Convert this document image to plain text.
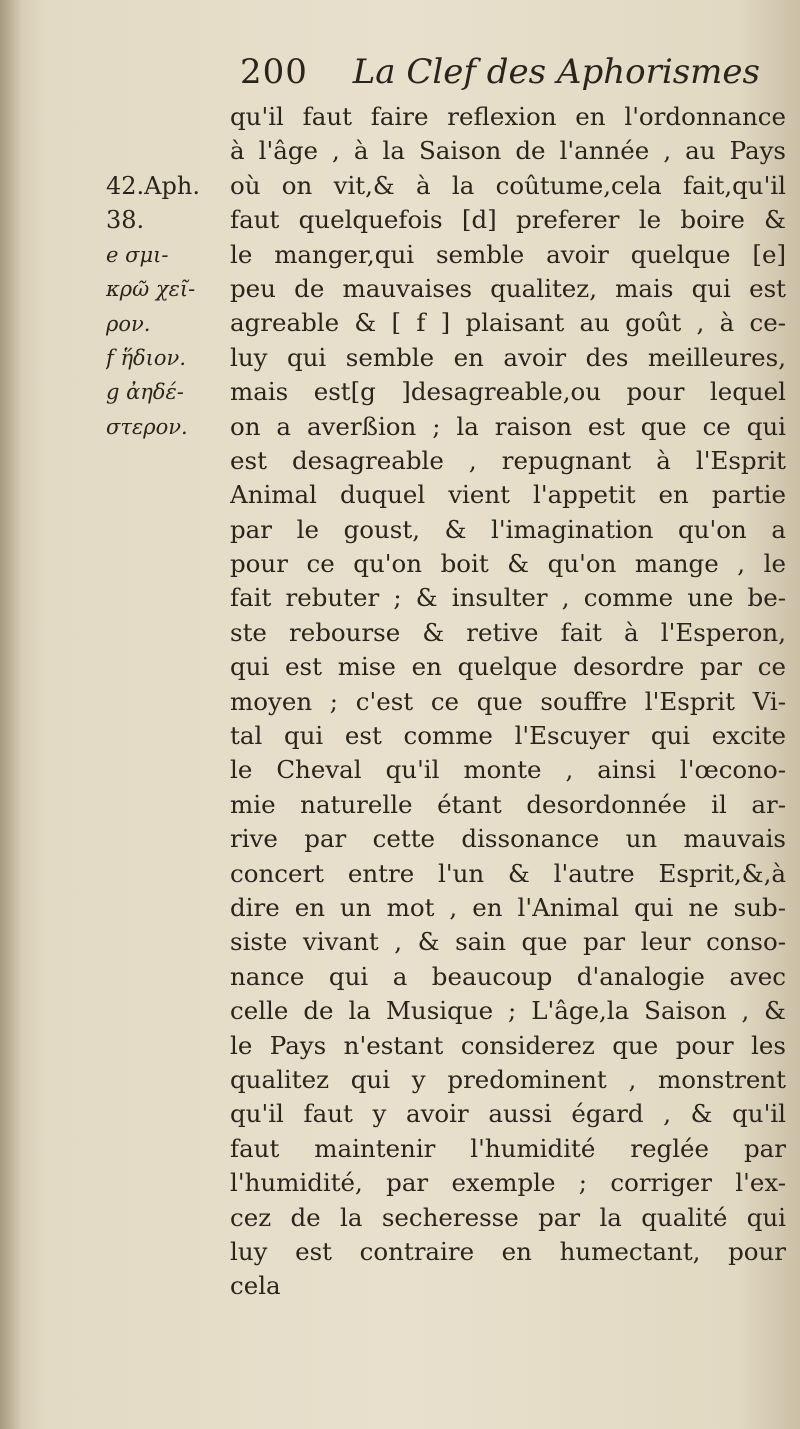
200 La Clef des Aphorismes
42.Aph.
38.
e σμι-
κρῶ χεῖ-
ρον.
f ἥδιον.
g ἀηδέ-
στερον.
qu'il faut faire reflexion en l'ordonnance
à l'âge , à la Saison de l'année , au Pays
où on vit,& à la coûtume,cela fait,qu'il
faut quelquefois [d] preferer le boire &
le manger,qui semble avoir quelque [e]
peu de mauvaises qualitez, mais qui est
agreable & [ f ] plaisant au goût , à ce-
luy qui semble en avoir des meilleures,
mais est[g ]desagreable,ou pour lequel
on a averßion ; la raison est que ce qui
est desagreable , repugnant à l'Esprit
Animal duquel vient l'appetit en partie
par le goust, & l'imagination qu'on a
pour ce qu'on boit & qu'on mange , le
fait rebuter ; & insulter , comme une be-
ste rebourse & retive fait à l'Esperon,
qui est mise en quelque desordre par ce
moyen ; c'est ce que souffre l'Esprit Vi-
tal qui est comme l'Escuyer qui excite
le Cheval qu'il monte , ainsi l'œcono-
mie naturelle étant desordonnée il ar-
rive par cette dissonance un mauvais
concert entre l'un & l'autre Esprit,&,à
dire en un mot , en l'Animal qui ne sub-
siste vivant , & sain que par leur conso-
nance qui a beaucoup d'analogie avec
celle de la Musique ; L'âge,la Saison , &
le Pays n'estant considerez que pour les
qualitez qui y predominent , monstrent
qu'il faut y avoir aussi égard , & qu'il
faut maintenir l'humidité reglée par
l'humidité, par exemple ; corriger l'ex-
cez de la secheresse par la qualité qui
luy est contraire en humectant, pour
cela
